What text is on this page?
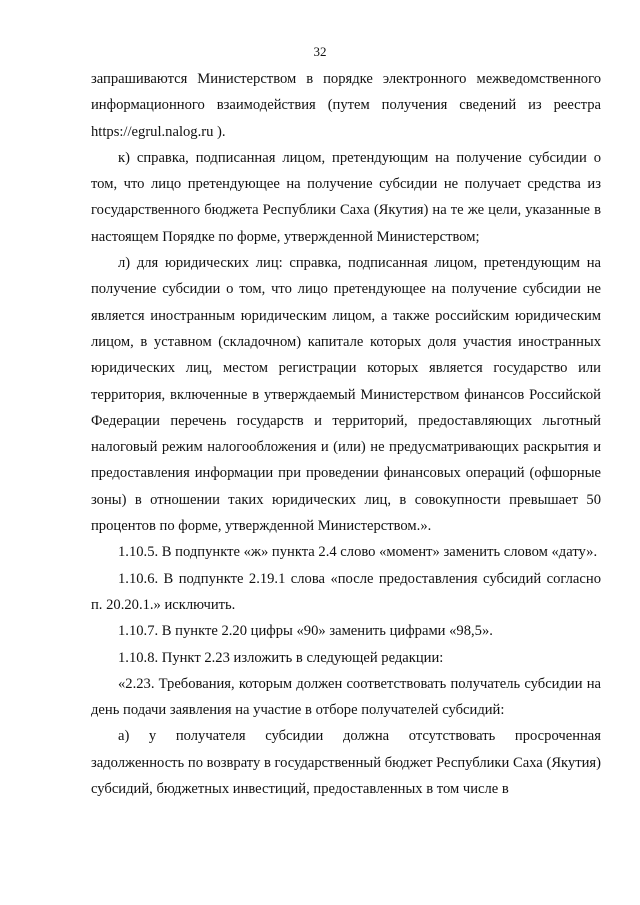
32

запрашиваются Министерством в порядке электронного межведомственного информационного взаимодействия (путем получения сведений из реестра https://egrul.nalog.ru ).

к) справка, подписанная лицом, претендующим на получение субсидии о том, что лицо претендующее на получение субсидии не получает средства из государственного бюджета Республики Саха (Якутия) на те же цели, указанные в настоящем Порядке по форме, утвержденной Министерством;

л) для юридических лиц: справка, подписанная лицом, претендующим на получение субсидии о том, что лицо претендующее на получение субсидии не является иностранным юридическим лицом, а также российским юридическим лицом, в уставном (складочном) капитале которых доля участия иностранных юридических лиц, местом регистрации которых является государство или территория, включенные в утверждаемый Министерством финансов Российской Федерации перечень государств и территорий, предоставляющих льготный налоговый режим налогообложения и (или) не предусматривающих раскрытия и предоставления информации при проведении финансовых операций (офшорные зоны) в отношении таких юридических лиц, в совокупности превышает 50 процентов по форме, утвержденной Министерством.».

1.10.5. В подпункте «ж» пункта 2.4 слово «момент» заменить словом «дату».

1.10.6. В подпункте 2.19.1 слова «после предоставления субсидий согласно п. 20.20.1.» исключить.

1.10.7. В пункте 2.20 цифры «90» заменить цифрами «98,5».

1.10.8. Пункт 2.23 изложить в следующей редакции:

«2.23. Требования, которым должен соответствовать получатель субсидии на день подачи заявления на участие в отборе получателей субсидий:

а) у получателя субсидии должна отсутствовать просроченная задолженность по возврату в государственный бюджет Республики Саха (Якутия) субсидий, бюджетных инвестиций, предоставленных в том числе в
